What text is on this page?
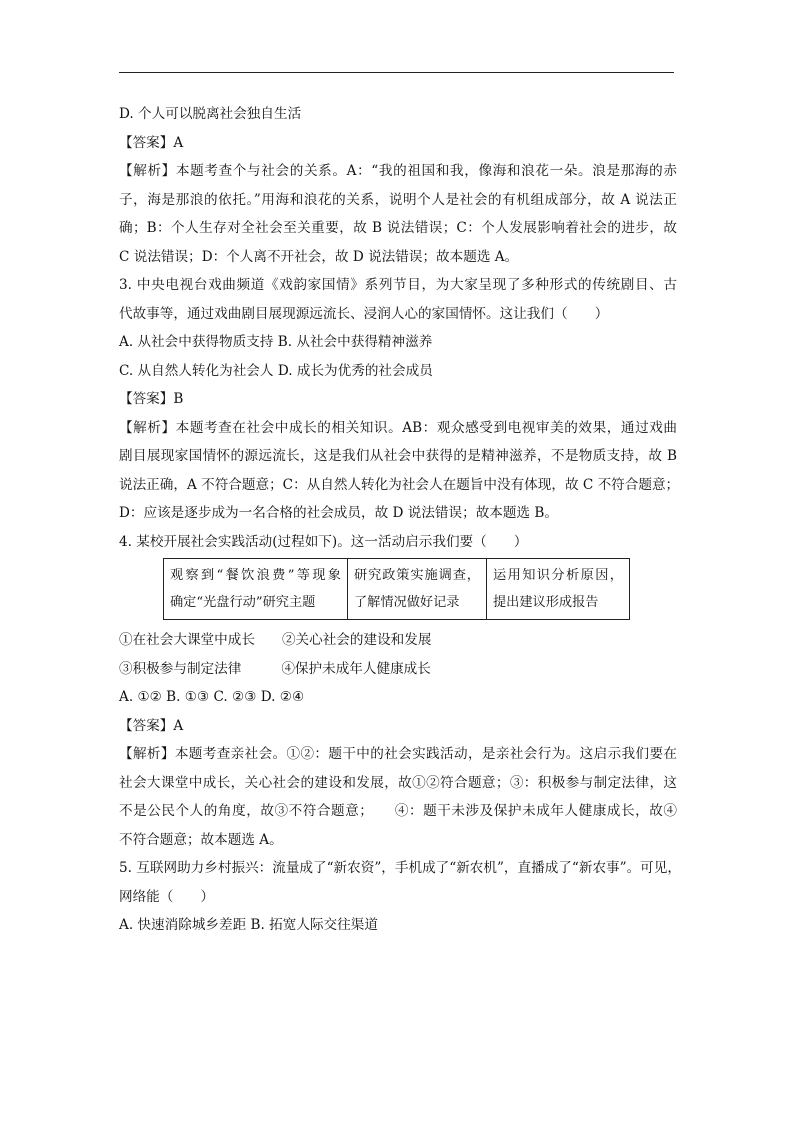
D. 个人可以脱离社会独自生活
【答案】A
【解析】本题考查个与社会的关系。A：“我的祖国和我，像海和浪花一朵。浪是那海的赤
子，海是那浪的依托。”用海和浪花的关系，说明个人是社会的有机组成部分，故 A 说法正
确；B：个人生存对全社会至关重要，故 B 说法错误；C：个人发展影响着社会的进步，故
C 说法错误；D：个人离不开社会，故 D 说法错误；故本题选 A。
3. 中央电视台戏曲频道《戏韵家国情》系列节目，为大家呈现了多种形式的传统剧目、古
代故事等，通过戏曲剧目展现源远流长、浸润人心的家国情怀。这让我们（　　）
A. 从社会中获得物质支持 B. 从社会中获得精神滋养
C. 从自然人转化为社会人 D. 成长为优秀的社会成员
【答案】B
【解析】本题考查在社会中成长的相关知识。AB：观众感受到电视审美的效果，通过戏曲
剧目展现家国情怀的源远流长，这是我们从社会中获得的是精神滋养，不是物质支持，故 B
说法正确，A 不符合题意；C：从自然人转化为社会人在题旨中没有体现，故 C 不符合题意；
D：应该是逐步成为一名合格的社会成员，故 D 说法错误；故本题选 B。
4. 某校开展社会实践活动(过程如下)。这一活动启示我们要（　　）
观察到“餐饮浪费”等现象
确定“光盘行动”研究主题

研究政策实施调查，
了解情况做好记录

运用知识分析原因，
提出建议形成报告
①在社会大课堂中成长 ②关心社会的建设和发展
③积极参与制定法律	④保护未成年人健康成长
A. ①② B. ①③ C. ②③ D. ②④
【答案】A
【解析】本题考查亲社会。①②：题干中的社会实践活动，是亲社会行为。这启示我们要在
社会大课堂中成长，关心社会的建设和发展，故①②符合题意；③：积极参与制定法律，这
不是公民个人的角度，故③不符合题意；　　④：题干未涉及保护未成年人健康成长，故④
不符合题意；故本题选 A。
5. 互联网助力乡村振兴：流量成了“新农资”，手机成了“新农机”，直播成了“新农事”。可见，
网络能（　　）
A. 快速消除城乡差距 B. 拓宽人际交往渠道
